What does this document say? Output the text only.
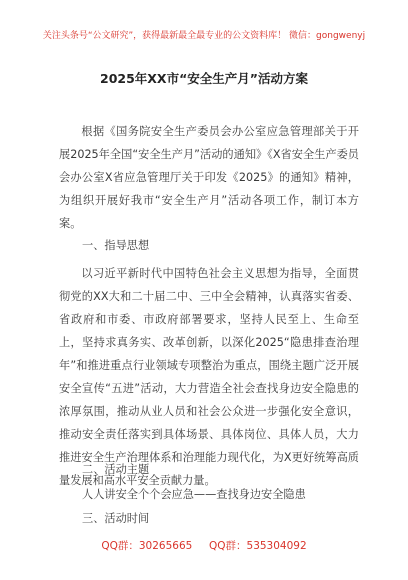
关注头条号“公文研究”，获得最新最全最专业的公文资料库！ 微信：gongwenyj
2025年XX市“安全生产月”活动方案

根据《国务院安全生产委员会办公室应急管理部关于开展2025年全国“安全生产月”活动的通知》《X省安全生产委员会办公室X省应急管理厅关于印发《2025》的通知》精神，为组织开展好我市“安全生产月”活动各项工作，制订本方案。

一、指导思想

以习近平新时代中国特色社会主义思想为指导，全面贯彻党的XX大和二十届二中、三中全会精神，认真落实省委、省政府和市委、市政府部署要求，坚持人民至上、生命至上，坚持求真务实、改革创新，以深化2025“隐患排查治理年”和推进重点行业领域专项整治为重点，围绕主题广泛开展安全宣传“五进”活动，大力营造全社会查找身边安全隐患的浓厚氛围，推动从业人员和社会公众进一步强化安全意识，推动安全责任落实到具体场景、具体岗位、具体人员，大力推进安全生产治理体系和治理能力现代化，为X更好统筹高质量发展和高水平安全贡献力量。

二、活动主题
人人讲安全个个会应急——查找身边安全隐患
三、活动时间
QQ群：30265665     QQ群：535304092
